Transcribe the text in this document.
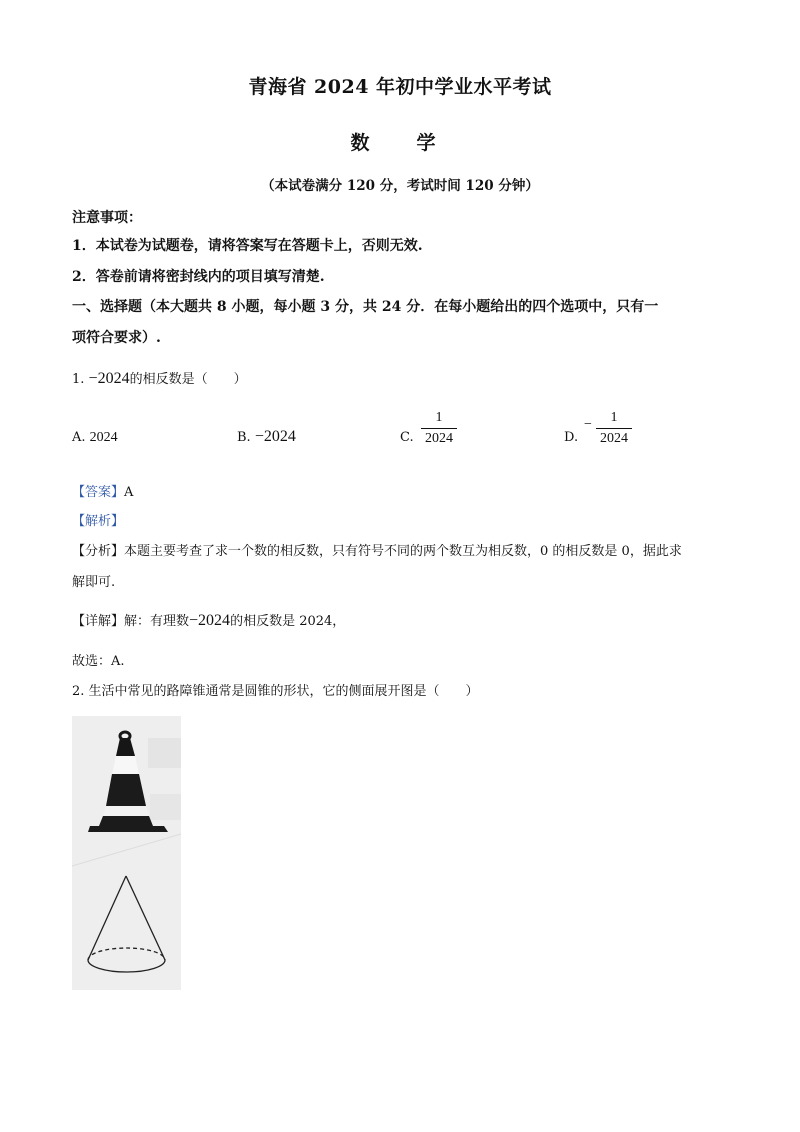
青海省 2024 年初中学业水平考试
数　学
（本试卷满分 120 分，考试时间 120 分钟）
注意事项：
1．本试卷为试题卷，请将答案写在答题卡上，否则无效.
2．答卷前请将密封线内的项目填写清楚.
一、选择题（本大题共 8 小题，每小题 3 分，共 24 分．在每小题给出的四个选项中，只有一
项符合要求）.
1. −2024的相反数是（　　）
A. 2024	B. −2024	C.
1
2024	D.
−	1
2024
【答案】A
【解析】
【分析】本题主要考查了求一个数的相反数，只有符号不同的两个数互为相反数，0 的相反数是 0，据此求
解即可.
【详解】解：有理数−2024的相反数是 2024，
故选：A.
2. 生活中常见的路障锥通常是圆锥的形状，它的侧面展开图是（　　）
